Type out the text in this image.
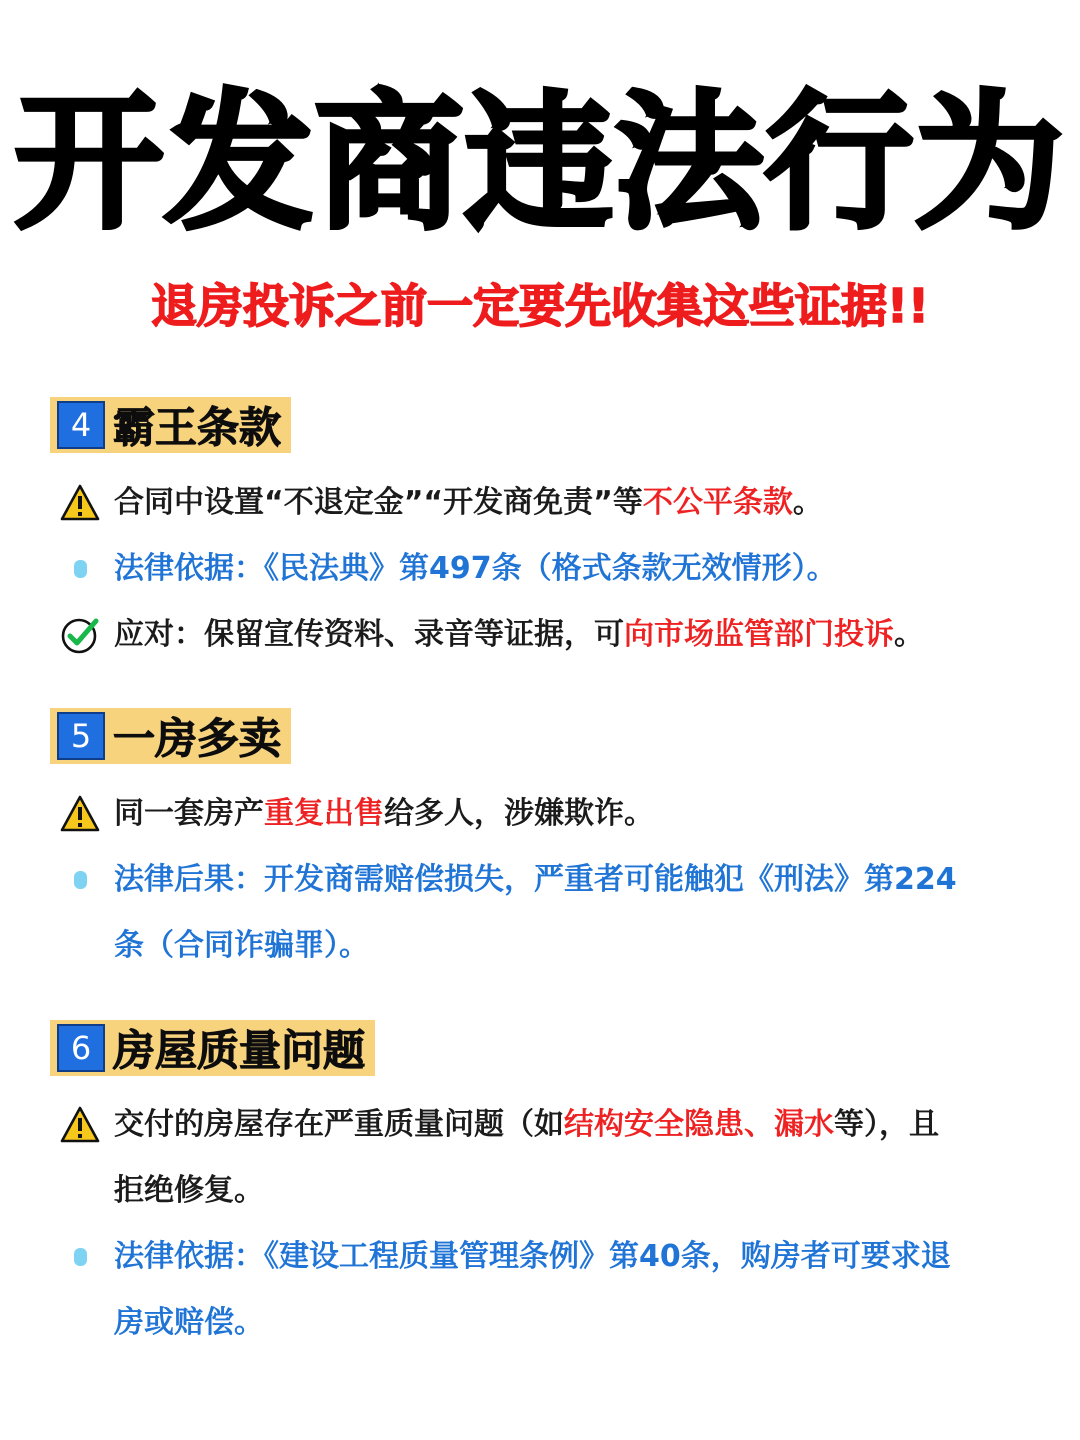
开发商违法行为
退房投诉之前一定要先收集这些证据!!
4 霸王条款
合同中设置“不退定金”“开发商免责”等不公平条款。
法律依据：《民法典》第497条（格式条款无效情形）。
应对：保留宣传资料、录音等证据，可向市场监管部门投诉。
5 一房多卖
同一套房产重复出售给多人，涉嫌欺诈。
法律后果：开发商需赔偿损失，严重者可能触犯《刑法》第224
条（合同诈骗罪）。
6 房屋质量问题
交付的房屋存在严重质量问题（如结构安全隐患、漏水等），且
拒绝修复。
法律依据：《建设工程质量管理条例》第40条，购房者可要求退
房或赔偿。
